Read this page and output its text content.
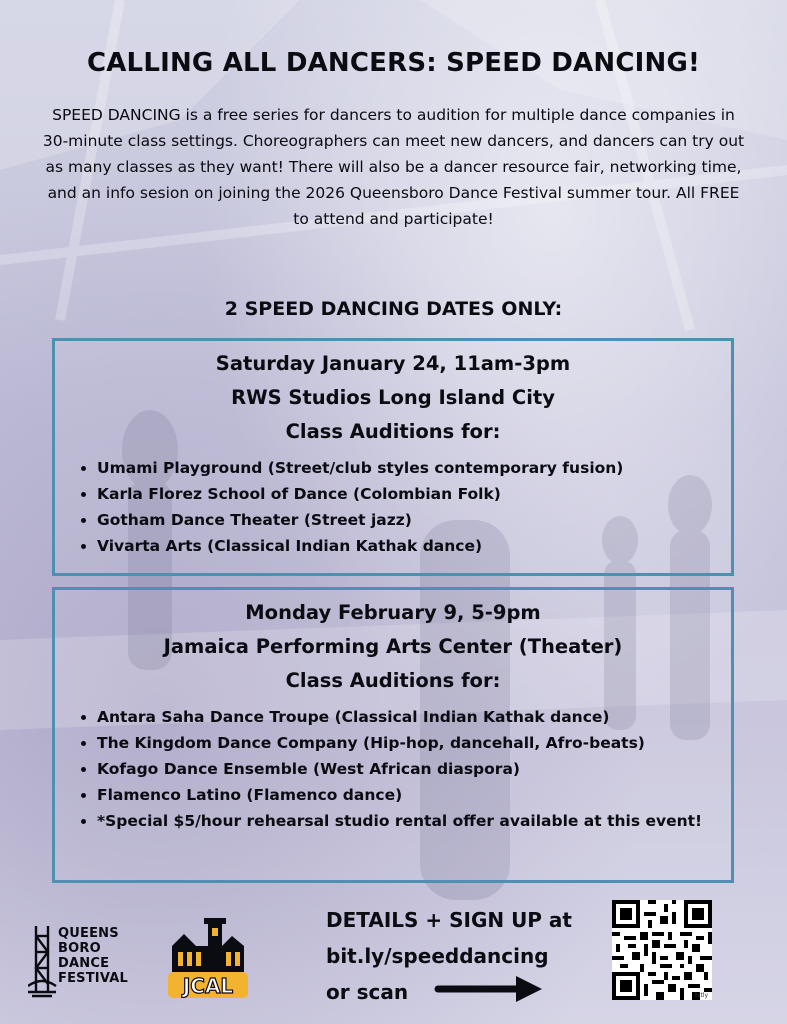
CALLING ALL DANCERS: SPEED DANCING!
SPEED DANCING is a free series for dancers to audition for multiple dance companies in 30-minute class settings. Choreographers can meet new dancers, and dancers can try out as many classes as they want! There will also be a dancer resource fair, networking time, and an info sesion on joining the 2026 Queensboro Dance Festival summer tour. All FREE to attend and participate!
2 SPEED DANCING DATES ONLY:
Saturday January 24, 11am-3pm
RWS Studios Long Island City
Class Auditions for:
• Umami Playground (Street/club styles contemporary fusion)
• Karla Florez School of Dance (Colombian Folk)
• Gotham Dance Theater (Street jazz)
• Vivarta Arts (Classical Indian Kathak dance)
Monday February 9, 5-9pm
Jamaica Performing Arts Center (Theater)
Class Auditions for:
• Antara Saha Dance Troupe (Classical Indian Kathak dance)
• The Kingdom Dance Company (Hip-hop, dancehall, Afro-beats)
• Kofago Dance Ensemble (West African diaspora)
• Flamenco Latino (Flamenco dance)
• *Special $5/hour rehearsal studio rental offer available at this event!
QUEENS
BORO
DANCE
FESTIVAL	JCAL
DETAILS + SIGN UP at
bit.ly/speeddancing
or scan	bitly
